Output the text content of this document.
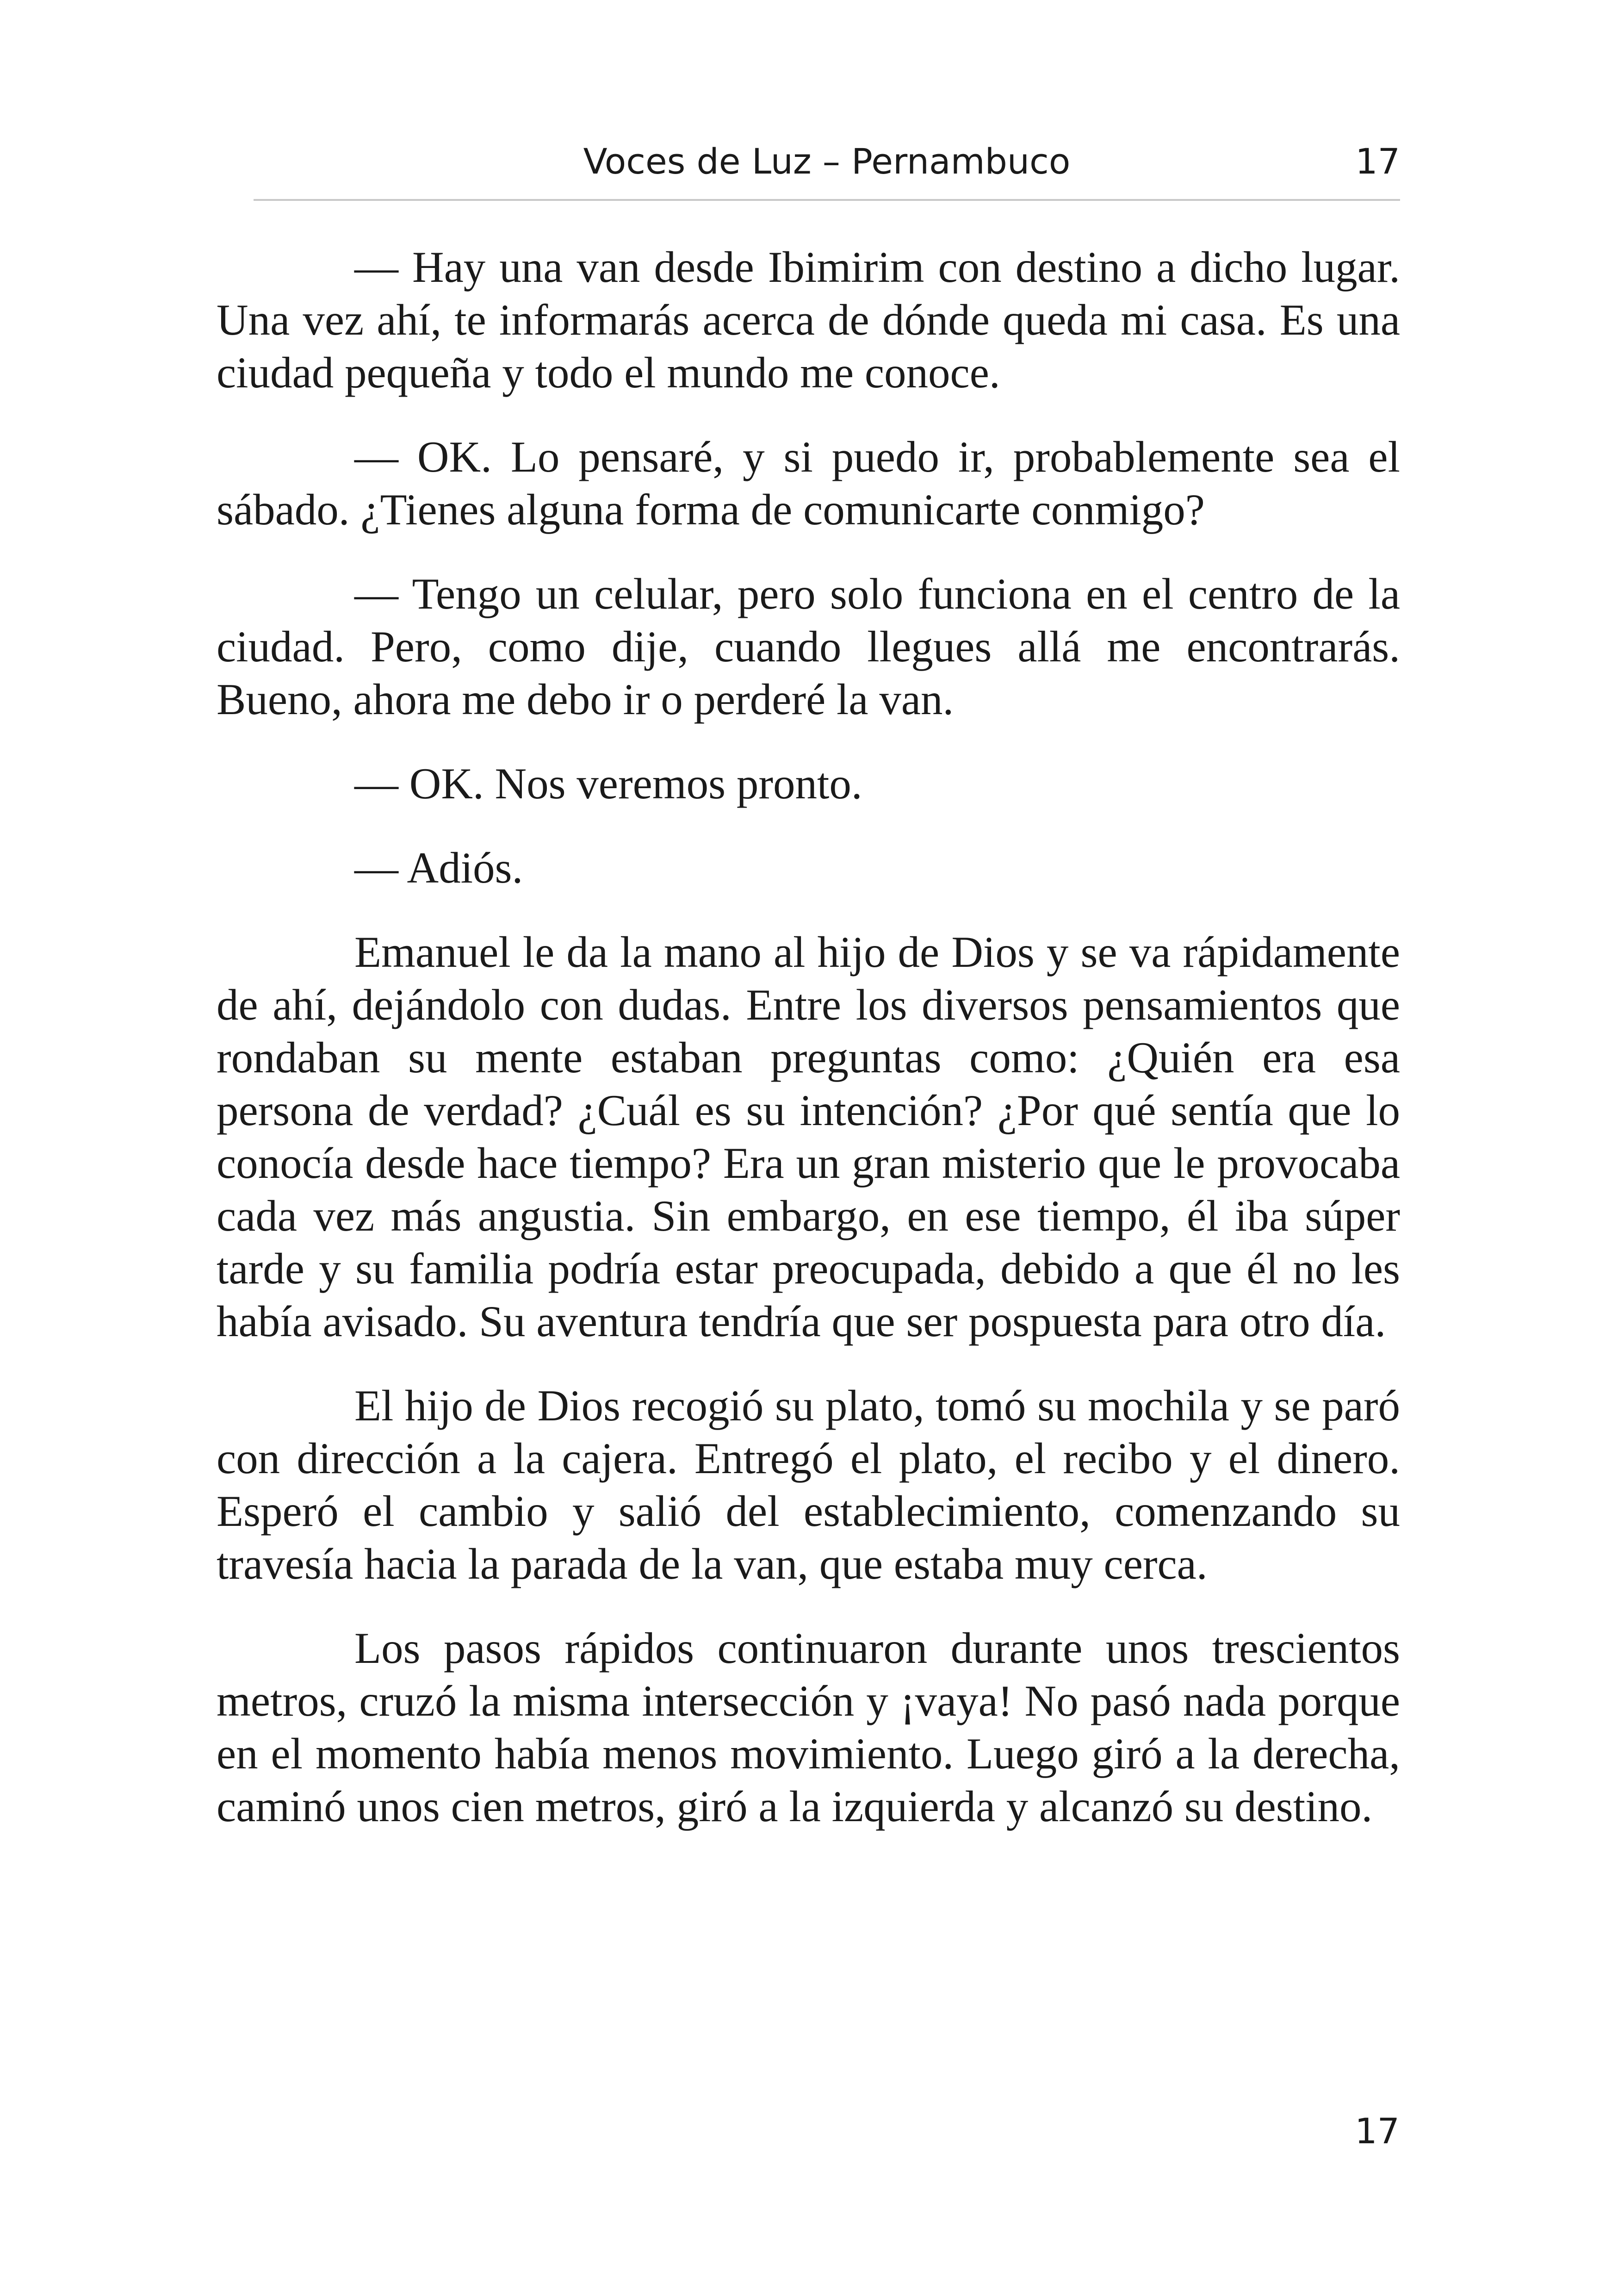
Voces de Luz – Pernambuco	17

— Hay una van desde Ibimirim con destino a dicho lugar. Una vez ahí, te informarás acerca de dónde queda mi casa. Es una ciudad pequeña y todo el mundo me conoce.

— OK. Lo pensaré, y si puedo ir, probablemente sea el sábado. ¿Tienes alguna forma de comunicarte conmigo?

— Tengo un celular, pero solo funciona en el centro de la ciudad. Pero, como dije, cuando llegues allá me encontrarás. Bueno, ahora me debo ir o perderé la van.

— OK. Nos veremos pronto.

— Adiós.

Emanuel le da la mano al hijo de Dios y se va rápidamente de ahí, dejándolo con dudas. Entre los diversos pensamientos que rondaban su mente estaban preguntas como: ¿Quién era esa persona de verdad? ¿Cuál es su intención? ¿Por qué sentía que lo conocía desde hace tiempo? Era un gran misterio que le provocaba cada vez más angustia. Sin embargo, en ese tiempo, él iba súper tarde y su familia podría estar preocupada, debido a que él no les había avisado. Su aventura tendría que ser pospuesta para otro día.

El hijo de Dios recogió su plato, tomó su mochila y se paró con dirección a la cajera. Entregó el plato, el recibo y el dinero. Esperó el cambio y salió del establecimiento, comenzando su travesía hacia la parada de la van, que estaba muy cerca.

Los pasos rápidos continuaron durante unos trescientos metros, cruzó la misma intersección y ¡vaya! No pasó nada porque en el momento había menos movimiento. Luego giró a la derecha, caminó unos cien metros, giró a la izquierda y alcanzó su destino.

17
